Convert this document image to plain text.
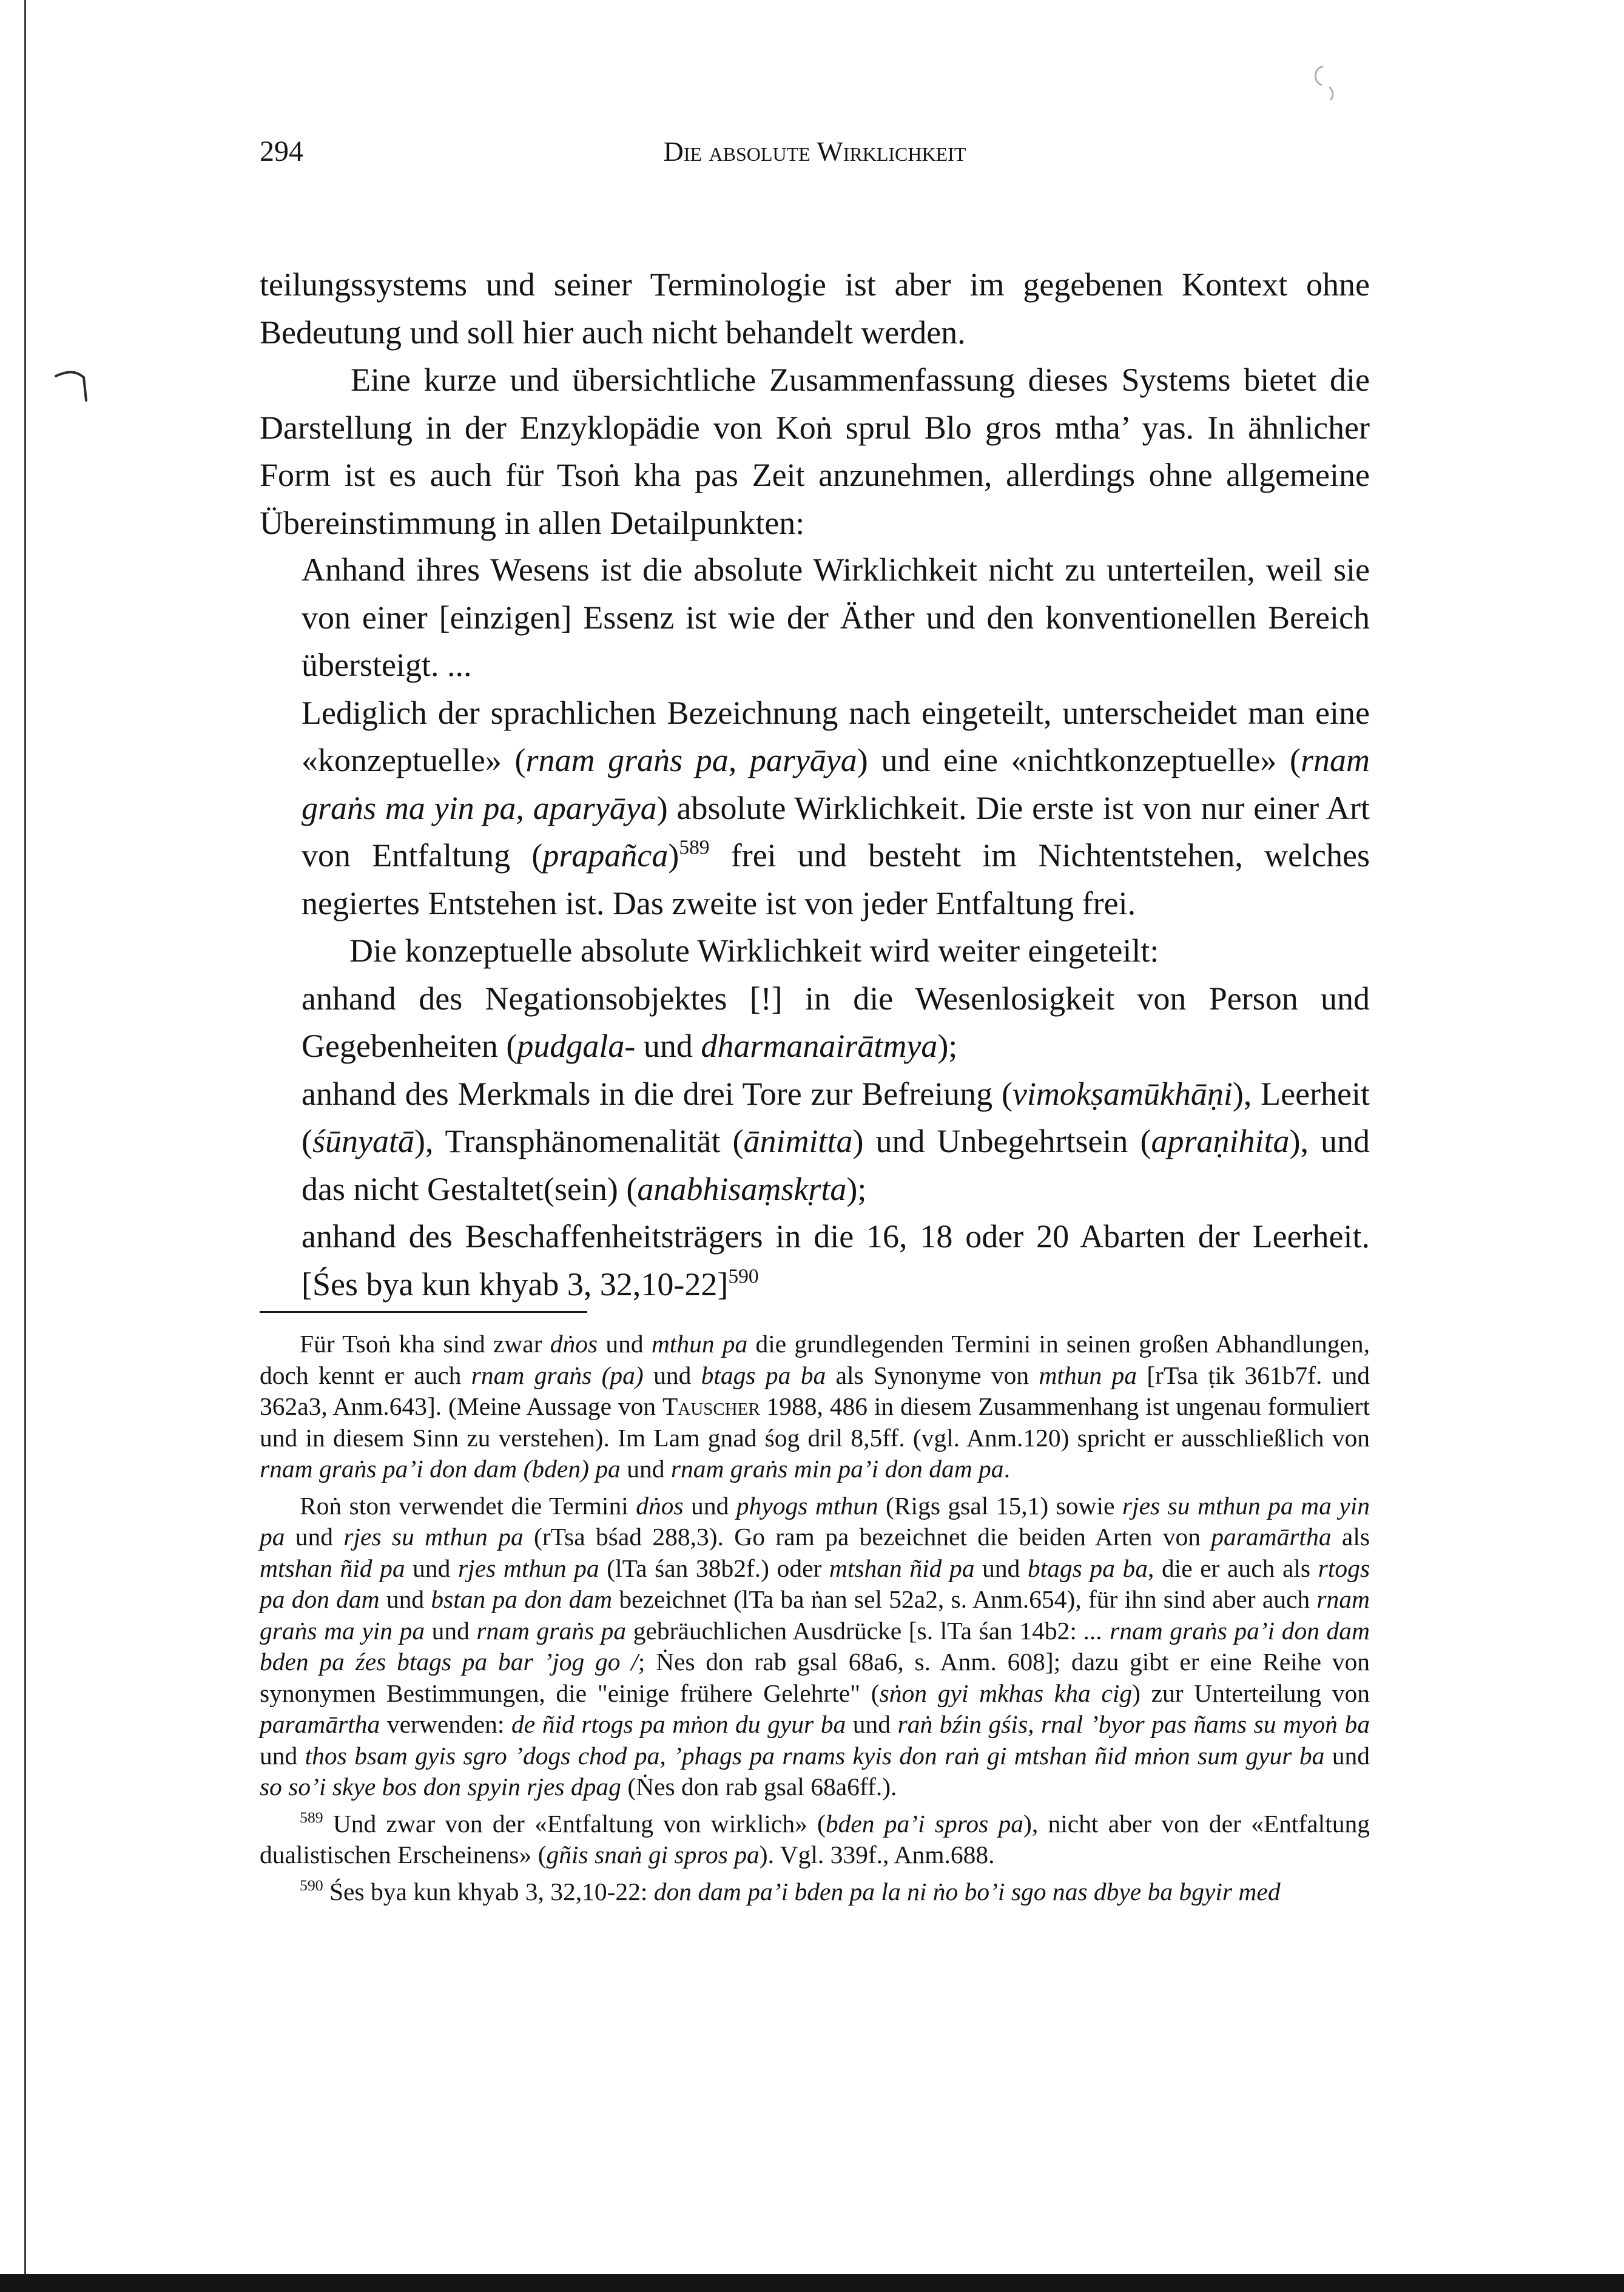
294	Die absolute Wirklichkeit

teilungssystems und seiner Terminologie ist aber im gegebenen Kontext ohne Bedeutung und soll hier auch nicht behandelt werden.

Eine kurze und übersichtliche Zusammenfassung dieses Systems bietet die Darstellung in der Enzyklopädie von Koṅ sprul Blo gros mtha’ yas. In ähnlicher Form ist es auch für Tsoṅ kha pas Zeit anzunehmen, allerdings ohne allgemeine Übereinstimmung in allen Detailpunkten:

Anhand ihres Wesens ist die absolute Wirklichkeit nicht zu unterteilen, weil sie von einer [einzigen] Essenz ist wie der Äther und den konventionellen Bereich übersteigt. ...

Lediglich der sprachlichen Bezeichnung nach eingeteilt, unterscheidet man eine «konzeptuelle» (rnam graṅs pa, paryāya) und eine «nichtkonzeptuelle» (rnam graṅs ma yin pa, aparyāya) absolute Wirklichkeit. Die erste ist von nur einer Art von Entfaltung (prapañca)$^{589}$ frei und besteht im Nichtentstehen, welches negiertes Entstehen ist. Das zweite ist von jeder Entfaltung frei.

Die konzeptuelle absolute Wirklichkeit wird weiter eingeteilt:

anhand des Negationsobjektes [!] in die Wesenlosigkeit von Person und Gegebenheiten (pudgala- und dharmanairātmya);

anhand des Merkmals in die drei Tore zur Befreiung (vimokṣamūkhāṇi), Leerheit (śūnyatā), Transphänomenalität (ānimitta) und Unbegehrtsein (apraṇihita), und das nicht Gestaltet(sein) (anabhisaṃskṛta);

anhand des Beschaffenheitsträgers in die 16, 18 oder 20 Abarten der Leerheit. [Śes bya kun khyab 3, 32,10-22]$^{590}$

Für Tsoṅ kha sind zwar dṅos und mthun pa die grundlegenden Termini in seinen großen Abhandlungen, doch kennt er auch rnam graṅs (pa) und btags pa ba als Synonyme von mthun pa [rTsa ṭik 361b7f. und 362a3, Anm.643]. (Meine Aussage von Tauscher 1988, 486 in diesem Zusammenhang ist ungenau formuliert und in diesem Sinn zu verstehen). Im Lam gnad śog dril 8,5ff. (vgl. Anm.120) spricht er ausschließlich von rnam graṅs pa’i don dam (bden) pa und rnam graṅs min pa’i don dam pa.

Roṅ ston verwendet die Termini dṅos und phyogs mthun (Rigs gsal 15,1) sowie rjes su mthun pa ma yin pa und rjes su mthun pa (rTsa bśad 288,3). Go ram pa bezeichnet die beiden Arten von paramārtha als mtshan ñid pa und rjes mthun pa (lTa śan 38b2f.) oder mtshan ñid pa und btags pa ba, die er auch als rtogs pa don dam und bstan pa don dam bezeichnet (lTa ba ṅan sel 52a2, s. Anm.654), für ihn sind aber auch rnam graṅs ma yin pa und rnam graṅs pa gebräuchlichen Ausdrücke [s. lTa śan 14b2: ... rnam graṅs pa’i don dam bden pa źes btags pa bar ’jog go /; Ṅes don rab gsal 68a6, s. Anm. 608]; dazu gibt er eine Reihe von synonymen Bestimmungen, die "einige frühere Gelehrte" (sṅon gyi mkhas kha cig) zur Unterteilung von paramārtha verwenden: de ñid rtogs pa mṅon du gyur ba und raṅ bźin gśis, rnal ’byor pas ñams su myoṅ ba und thos bsam gyis sgro ’dogs chod pa, ’phags pa rnams kyis don raṅ gi mtshan ñid mṅon sum gyur ba und so so’i skye bos don spyin rjes dpag (Ṅes don rab gsal 68a6ff.).

$^{589}$ Und zwar von der «Entfaltung von wirklich» (bden pa’i spros pa), nicht aber von der «Entfaltung dualistischen Erscheinens» (gñis snaṅ gi spros pa). Vgl. 339f., Anm.688.

$^{590}$ Śes bya kun khyab 3, 32,10-22: don dam pa’i bden pa la ni ṅo bo’i sgo nas dbye ba bgyir med
